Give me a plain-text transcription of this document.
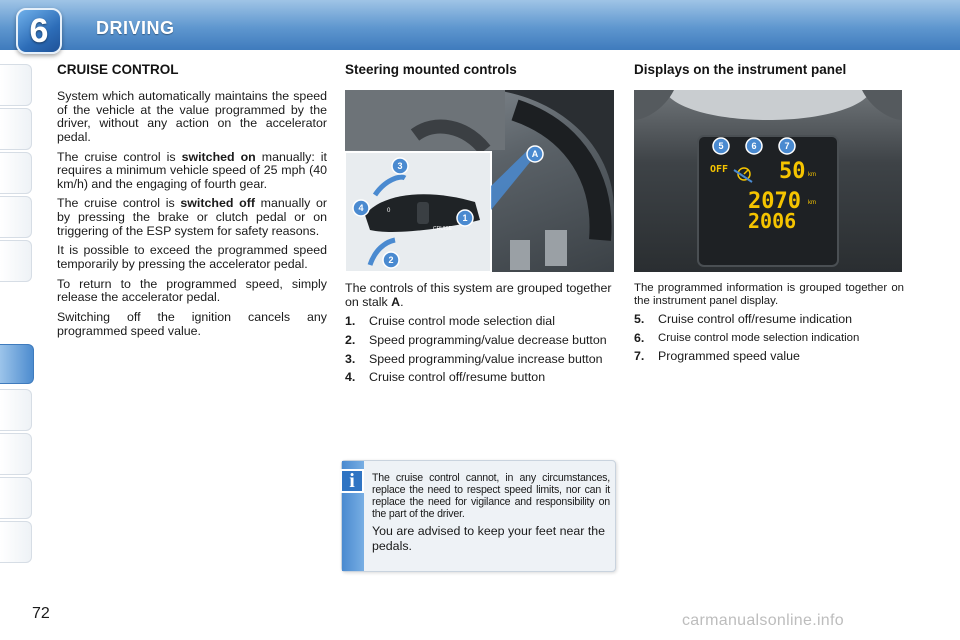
DRIVING
6
CRUISE CONTROL

System which automatically maintains the speed of the vehicle at the value programmed by the driver, without any action on the accelerator pedal.

The cruise control is switched on manually: it requires a minimum vehicle speed of 25 mph (40 km/h) and the engaging of fourth gear.

The cruise control is switched off manually or by pressing the brake or clutch pedal or on triggering of the ESP system for safety reasons.

It is possible to exceed the programmed speed temporarily by pressing the accelerator pedal.

To return to the programmed speed, simply release the accelerator pedal.

Switching off the ignition cancels any programmed speed value.

Steering mounted controls
0
CRUISE
3
4
1
2
A

The controls of this system are grouped together on stalk A.

1.	Cruise control mode selection dial
2.	Speed programming/value decrease button
3.	Speed programming/value increase button
4.	Cruise control off/resume button
i	The cruise control cannot, in any circumstances, replace the need to respect speed limits, nor can it replace the need for vigilance and responsibility on the part of the driver.

You are advised to keep your feet near the pedals.

Displays on the instrument panel
5	6	7
OFF 50 km
2070 km
2006

The programmed information is grouped together on the instrument panel display.

5.	Cruise control off/resume indication
6.	Cruise control mode selection indication
7.	Programmed speed value
72	carmanualsonline.info
